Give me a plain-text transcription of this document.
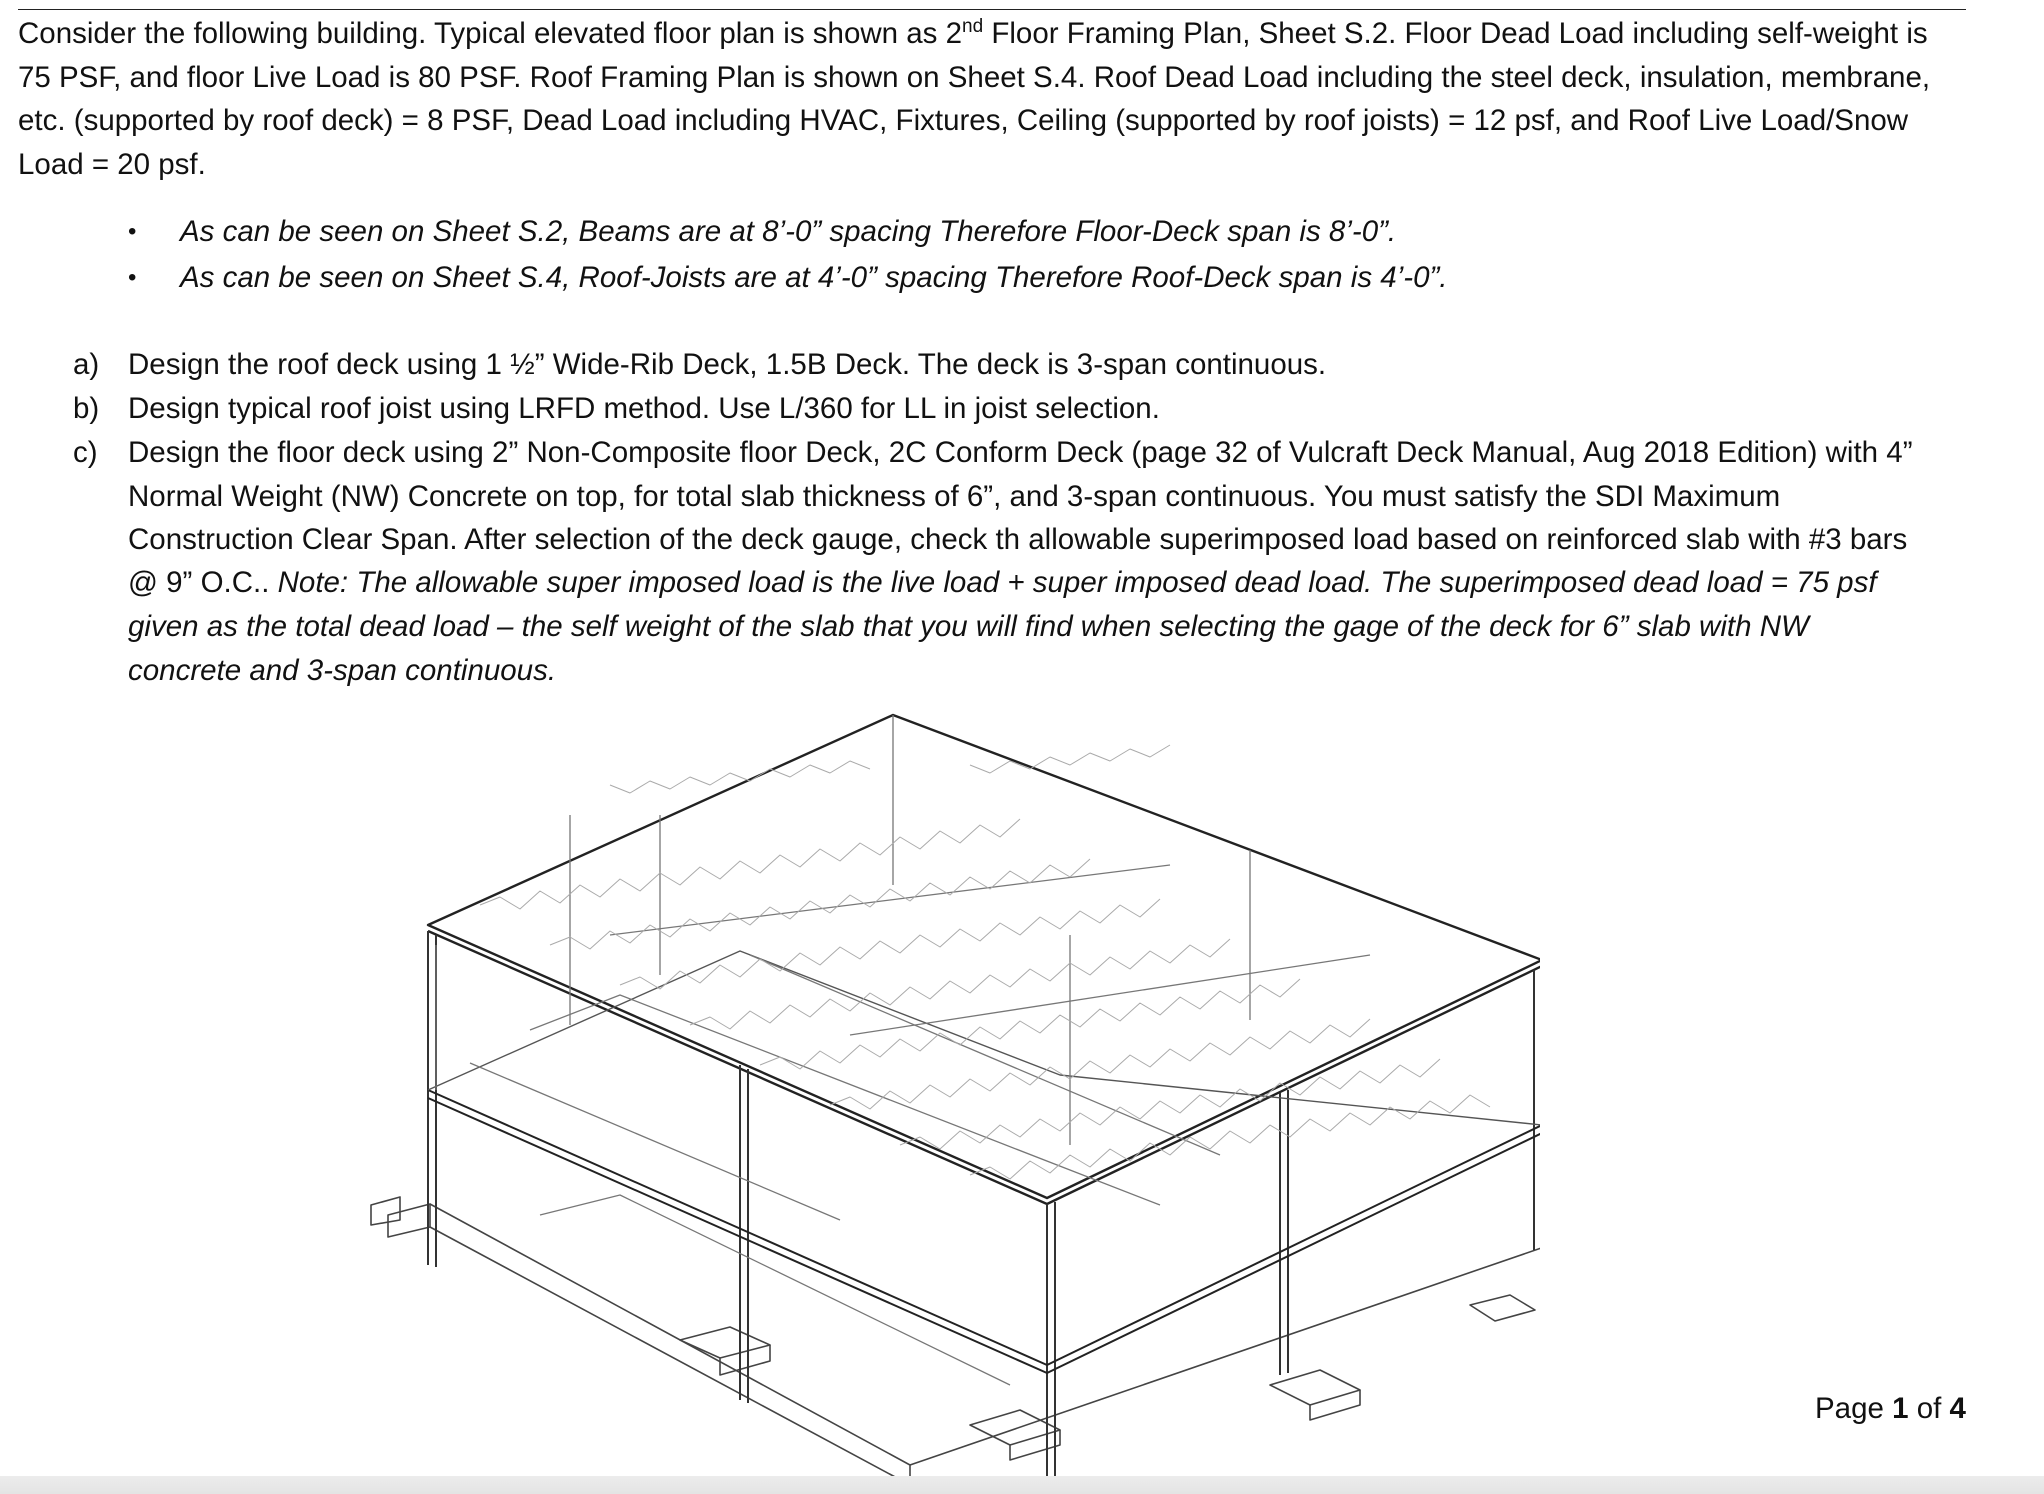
Consider the following building. Typical elevated floor plan is shown as 2nd Floor Framing Plan, Sheet S.2. Floor Dead Load including self-weight is
75 PSF, and floor Live Load is 80 PSF. Roof Framing Plan is shown on Sheet S.4. Roof Dead Load including the steel deck, insulation, membrane,
etc. (supported by roof deck) = 8 PSF, Dead Load including HVAC, Fixtures, Ceiling (supported by roof joists) = 12 psf, and Roof Live Load/Snow
Load = 20 psf.
• As can be seen on Sheet S.2, Beams are at 8’-0” spacing Therefore Floor-Deck span is 8’-0”.
• As can be seen on Sheet S.4, Roof-Joists are at 4’-0” spacing Therefore Roof-Deck span is 4’-0”.
a) Design the roof deck using 1 ½” Wide-Rib Deck, 1.5B Deck. The deck is 3-span continuous.
b) Design typical roof joist using LRFD method. Use L/360 for LL in joist selection.
c) Design the floor deck using 2” Non-Composite floor Deck, 2C Conform Deck (page 32 of Vulcraft Deck Manual, Aug 2018 Edition) with 4”
Normal Weight (NW) Concrete on top, for total slab thickness of 6”, and 3-span continuous. You must satisfy the SDI Maximum
Construction Clear Span. After selection of the deck gauge, check th allowable superimposed load based on reinforced slab with #3 bars
@ 9” O.C.. Note: The allowable super imposed load is the live load + super imposed dead load. The superimposed dead load = 75 psf
given as the total dead load – the self weight of the slab that you will find when selecting the gage of the deck for 6” slab with NW
concrete and 3-span continuous.
Page 1 of 4
